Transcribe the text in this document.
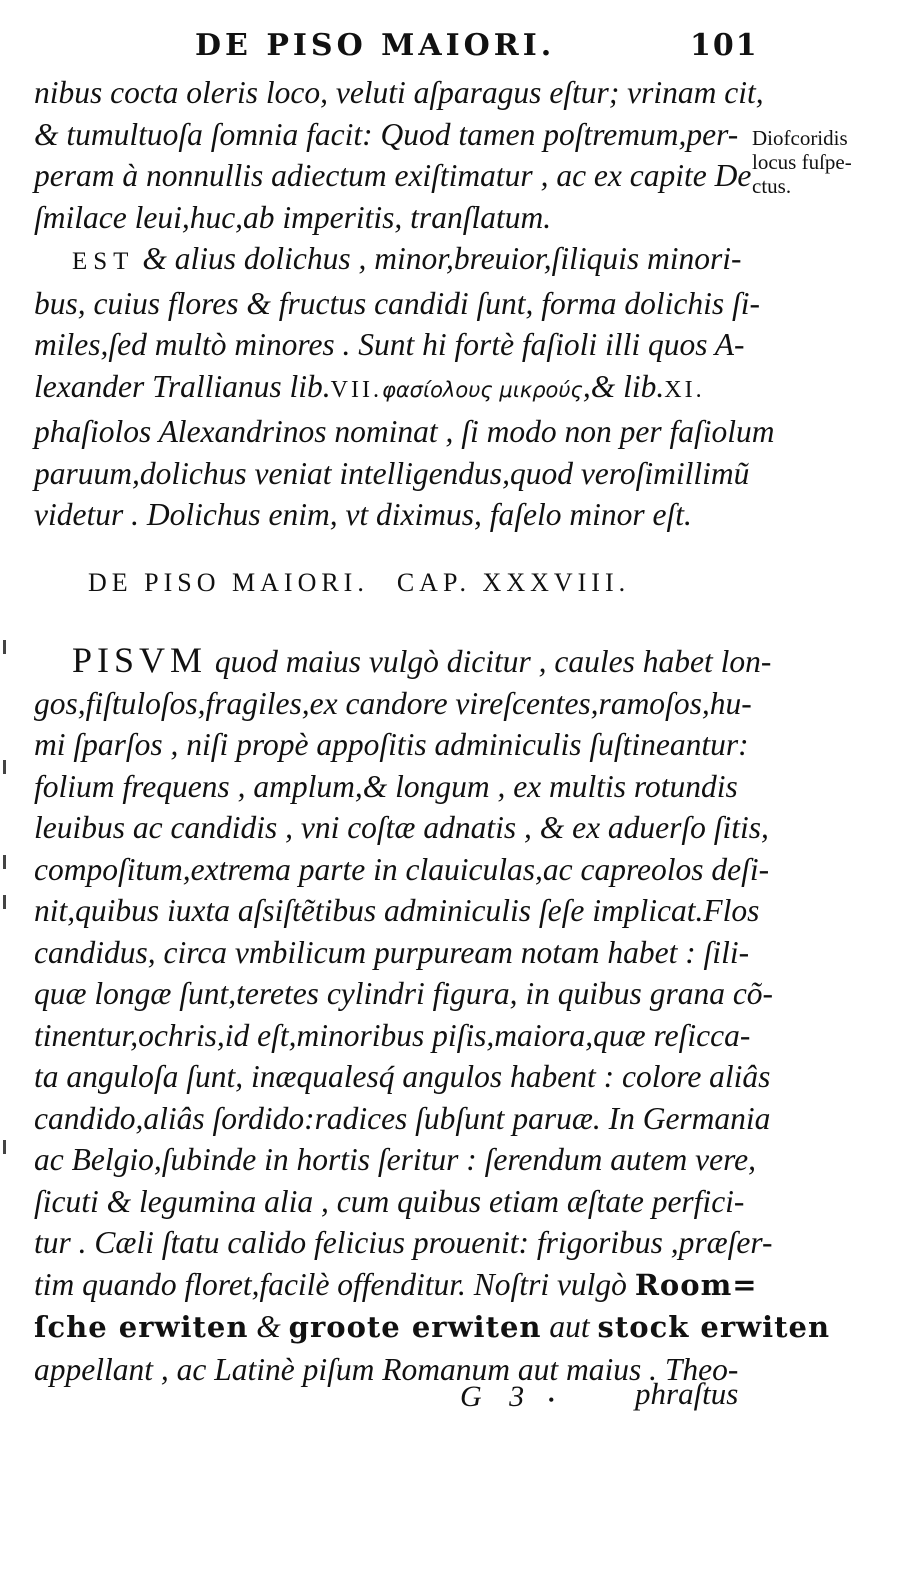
DE PISO MAIORI.	101
Diofcoridis
locus fuſpe-
ctus.
nibus cocta oleris loco, veluti aſparagus eſtur; vrinam cit,
& tumultuoſa ſomnia facit: Quod tamen poſtremum,per-
peram à nonnullis adiectum exiſtimatur , ac ex capite De
ſmilace leui,huc,ab imperitis, tranſlatum.
EST & alius dolichus , minor,breuior,ſiliquis minori-
bus, cuius flores & fructus candidi ſunt, forma dolichis ſi-
miles,ſed multò minores . Sunt hi fortè faſioli illi quos A-
lexander Trallianus lib.VII.φασίολους μικρούς,& lib.XI.
phaſiolos Alexandrinos nominat , ſi modo non per faſiolum
paruum,dolichus veniat intelligendus,quod veroſimillimũ
videtur . Dolichus enim, vt diximus, faſelo minor eſt.
DE PISO MAIORI. CAP. XXXVIII.
PISVM quod maius vulgò dicitur , caules habet lon-
gos,fiſtuloſos,fragiles,ex candore vireſcentes,ramoſos,hu-
mi ſparſos , niſi propè appoſitis adminiculis ſuſtineantur:
folium frequens , amplum,& longum , ex multis rotundis
leuibus ac candidis , vni coſtæ adnatis , & ex aduerſo ſitis,
compoſitum,extrema parte in clauiculas,ac capreolos deſi-
nit,quibus iuxta aſsiſtẽtibus adminiculis ſeſe implicat.Flos
candidus, circa vmbilicum purpuream notam habet : ſili-
quæ longæ ſunt,teretes cylindri figura, in quibus grana cõ-
tinentur,ochris,id eſt,minoribus piſis,maiora,quæ reſicca-
ta anguloſa ſunt, inæqualesq́ angulos habent : colore aliâs
candido,aliâs ſordido:radices ſubſunt paruæ. In Germania
ac Belgio,ſubinde in hortis ſeritur : ſerendum autem vere,
ſicuti & legumina alia , cum quibus etiam æſtate perfici-
tur . Cæli ſtatu calido felicius prouenit: frigoribus ,præſer-
tim quando floret,facilè offenditur. Noſtri vulgò Room=
ſche erwiten & groote erwiten aut stock erwiten
appellant , ac Latinè piſum Romanum aut maius . Theo-
G 3 • phraſtus
